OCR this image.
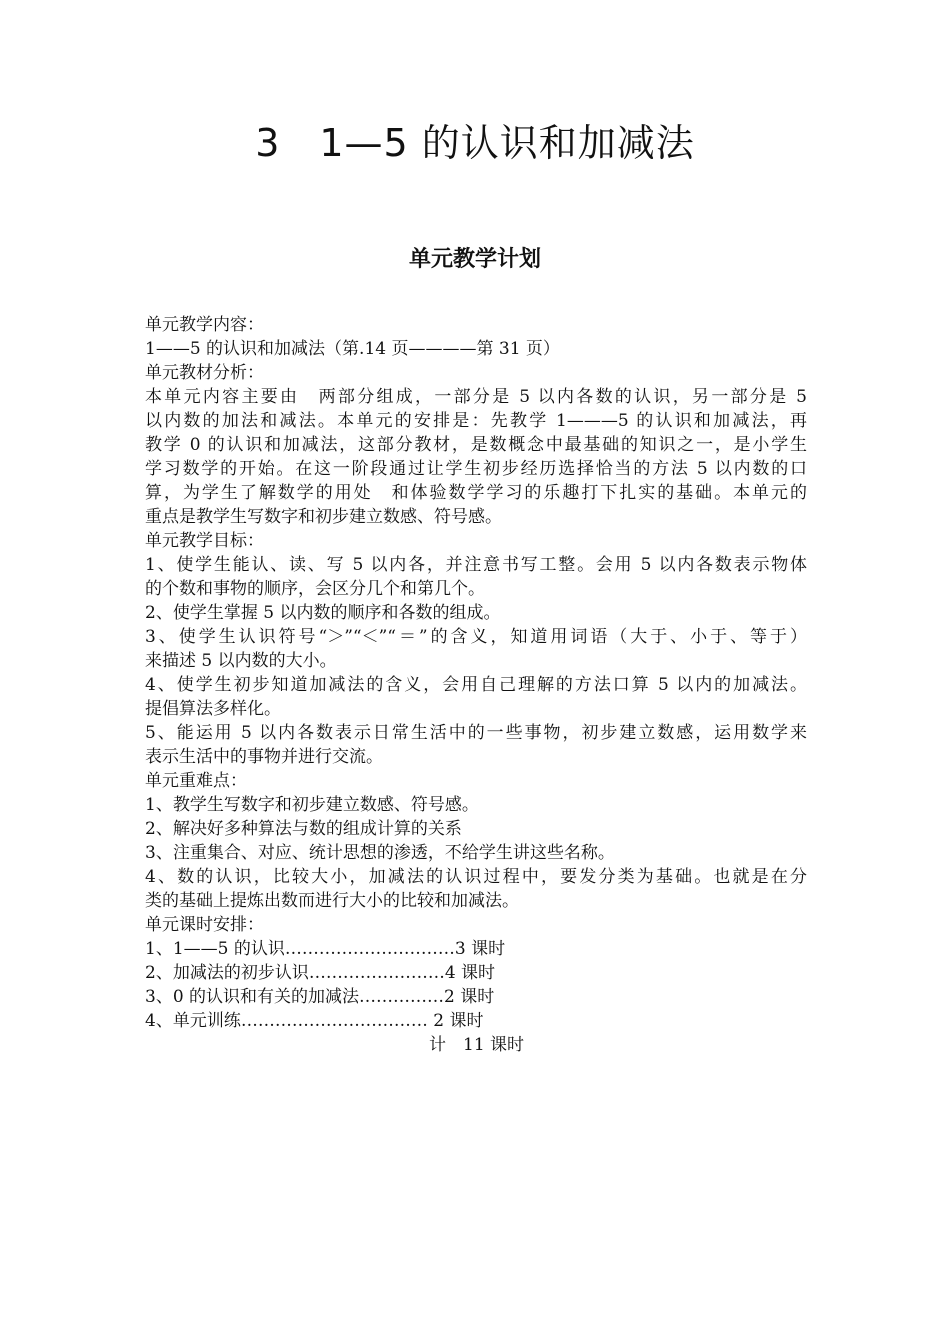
3　1—5 的认识和加减法
单元教学计划
单元教学内容：
1——5 的认识和加减法（第.14 页————第 31 页）
单元教材分析：
本单元内容主要由　两部分组成，一部分是 5 以内各数的认识，另一部分是 5
以内数的加法和减法。本单元的安排是：先教学 1———5 的认识和加减法，再
教学 0 的认识和加减法，这部分教材，是数概念中最基础的知识之一，是小学生
学习数学的开始。在这一阶段通过让学生初步经历选择恰当的方法 5 以内数的口
算，为学生了解数学的用处　和体验数学学习的乐趣打下扎实的基础。本单元的
重点是教学生写数字和初步建立数感、符号感。
单元教学目标：
1、使学生能认、读、写 5 以内各，并注意书写工整。会用 5 以内各数表示物体
的个数和事物的顺序，会区分几个和第几个。
2、使学生掌握 5 以内数的顺序和各数的组成。
3、使学生认识符号“＞”“＜”“＝”的含义，知道用词语（大于、小于、等于）
来描述 5 以内数的大小。
4、使学生初步知道加减法的含义，会用自己理解的方法口算 5 以内的加减法。
提倡算法多样化。
5、能运用 5 以内各数表示日常生活中的一些事物，初步建立数感，运用数学来
表示生活中的事物并进行交流。
单元重难点：
1、教学生写数字和初步建立数感、符号感。
2、解决好多种算法与数的组成计算的关系
3、注重集合、对应、统计思想的渗透，不给学生讲这些名称。
4、数的认识，比较大小，加减法的认识过程中，要发分类为基础。也就是在分
类的基础上提炼出数而进行大小的比较和加减法。
单元课时安排：
1、1——5 的认识…………………………3 课时
2、加减法的初步认识……………………4 课时
3、0 的认识和有关的加减法……………2 课时
4、单元训练…………………………… 2 课时
计　11 课时
